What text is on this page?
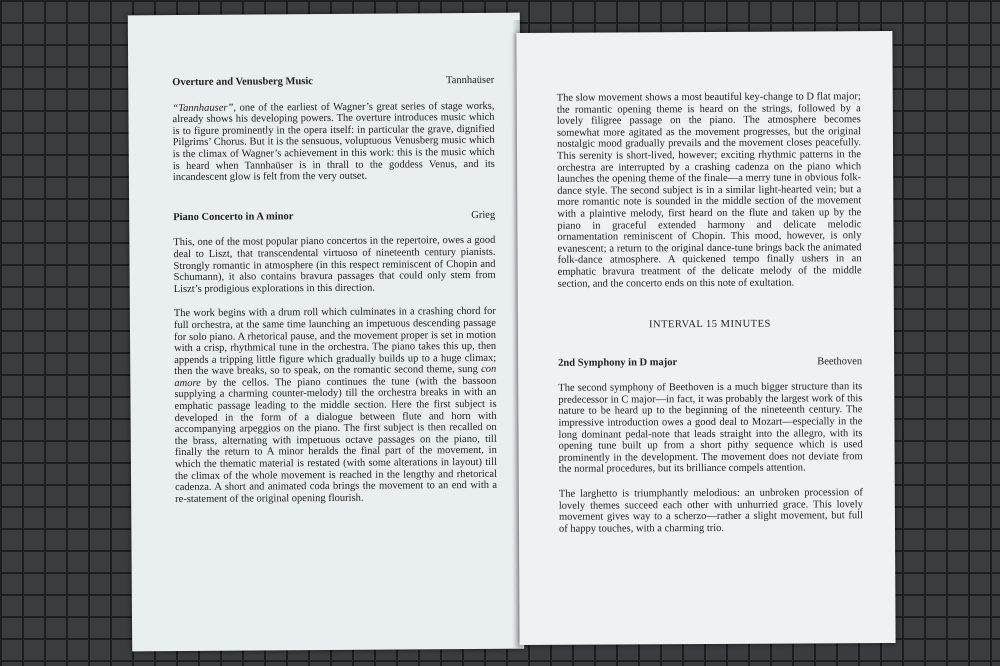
Overture and Venusberg Music	Tannhaüser

“Tannhauser”, one of the earliest of Wagner’s great series of stage works, already shows his developing powers. The overture introduces music which is to figure prominently in the opera itself: in particular the grave, dignified Pilgrims’ Chorus. But it is the sensuous, voluptuous Venusberg music which is the climax of Wagner’s achievement in this work: this is the music which is heard when Tannhaüser is in thrall to the goddess Venus, and its incandescent glow is felt from the very outset.

Piano Concerto in A minor	Grieg

This, one of the most popular piano concertos in the repertoire, owes a good deal to Liszt, that transcendental virtuoso of nineteenth century pianists. Strongly romantic in atmosphere (in this respect reminiscent of Chopin and Schumann), it also contains bravura passages that could only stem from Liszt’s prodigious explorations in this direction.

The work begins with a drum roll which culminates in a crashing chord for full orchestra, at the same time launching an impetuous descending passage for solo piano. A rhetorical pause, and the movement proper is set in motion with a crisp, rhythmical tune in the orchestra. The piano takes this up, then appends a tripping little figure which gradually builds up to a huge climax; then the wave breaks, so to speak, on the romantic second theme, sung con amore by the cellos. The piano continues the tune (with the bassoon supplying a charming counter-melody) till the orchestra breaks in with an emphatic passage leading to the middle section. Here the first subject is developed in the form of a dialogue between flute and horn with accompanying arpeggios on the piano. The first subject is then recalled on the brass, alternating with impetuous octave passages on the piano, till finally the return to A minor heralds the final part of the movement, in which the thematic material is restated (with some alterations in layout) till the climax of the whole movement is reached in the lengthy and rhetorical cadenza. A short and animated coda brings the movement to an end with a re-statement of the original opening flourish.

The slow movement shows a most beautiful key-change to D flat major; the romantic opening theme is heard on the strings, followed by a lovely filigree passage on the piano. The atmosphere becomes somewhat more agitated as the movement progresses, but the original nostalgic mood gradually prevails and the movement closes peacefully. This serenity is short-lived, however; exciting rhythmic patterns in the orchestra are interrupted by a crashing cadenza on the piano which launches the opening theme of the finale—a merry tune in obvious folk-dance style. The second subject is in a similar light-hearted vein; but a more romantic note is sounded in the middle section of the movement with a plaintive melody, first heard on the flute and taken up by the piano in graceful extended harmony and delicate melodic ornamentation reminiscent of Chopin. This mood, however, is only evanescent; a return to the original dance-tune brings back the animated folk-dance atmosphere. A quickened tempo finally ushers in an emphatic bravura treatment of the delicate melody of the middle section, and the concerto ends on this note of exultation.

INTERVAL 15 MINUTES
2nd Symphony in D major	Beethoven

The second symphony of Beethoven is a much bigger structure than its predecessor in C major—in fact, it was probably the largest work of this nature to be heard up to the beginning of the nineteenth century. The impressive introduction owes a good deal to Mozart—especially in the long dominant pedal-note that leads straight into the allegro, with its opening tune built up from a short pithy sequence which is used prominently in the development. The movement does not deviate from the normal procedures, but its brilliance compels attention.

The larghetto is triumphantly melodious: an unbroken procession of lovely themes succeed each other with unhurried grace. This lovely movement gives way to a scherzo—rather a slight movement, but full of happy touches, with a charming trio.
